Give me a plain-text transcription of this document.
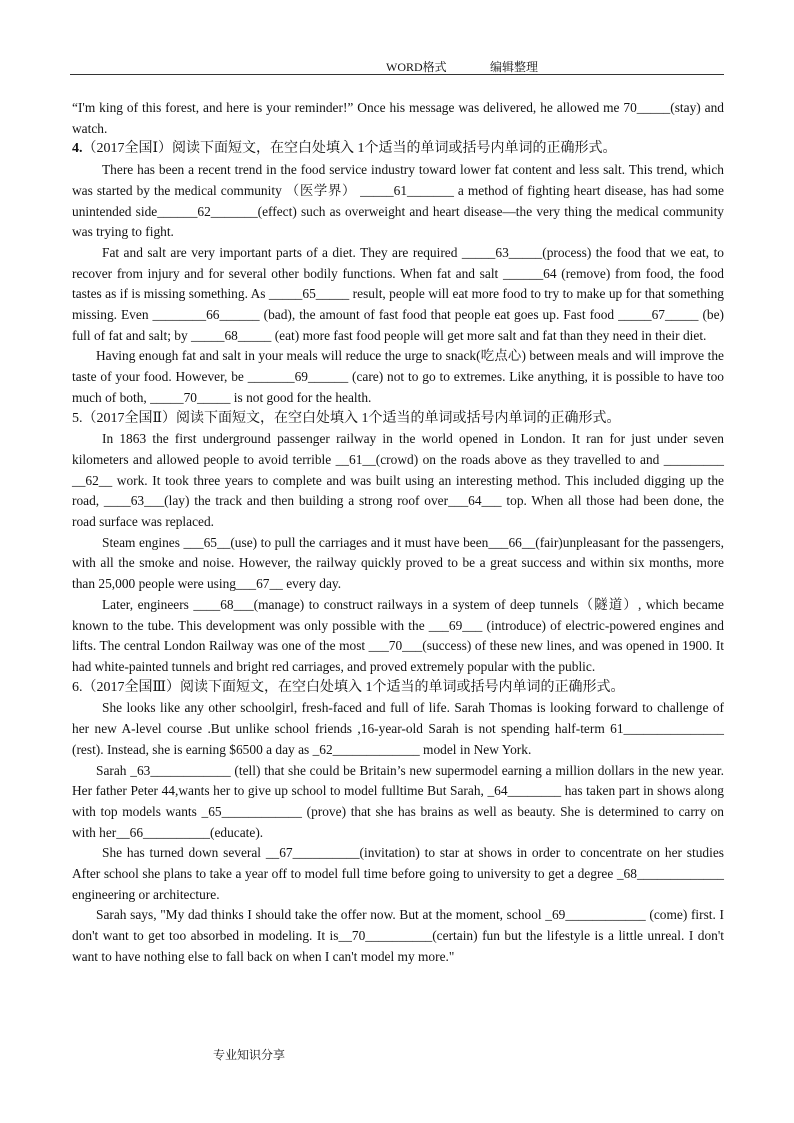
WORD格式	编辑整理

“I'm king of this forest, and here is your reminder!” Once his message was delivered, he allowed me 70_____(stay) and watch.

4.（2017全国Ⅰ）阅读下面短文，在空白处填入 1个适当的单词或括号内单词的正确形式。

There has been a recent trend in the food service industry toward lower fat content and less salt. This trend, which was started by the medical community （医学界） _____61_______ a method of fighting heart disease, has had some unintended side______62_______(effect) such as overweight and heart disease—the very thing the medical community was trying to fight.

Fat and salt are very important parts of a diet. They are required _____63_____(process) the food that we eat, to recover from injury and for several other bodily functions. When fat and salt ______64 (remove) from food, the food tastes as if is missing something. As _____65_____ result, people will eat more food to try to make up for that something missing. Even ________66______ (bad), the amount of fast food that people eat goes up. Fast food _____67_____ (be) full of fat and salt; by _____68_____ (eat) more fast food people will get more salt and fat than they need in their diet.

Having enough fat and salt in your meals will reduce the urge to snack(吃点心) between meals and will improve the taste of your food. However, be _______69______ (care) not to go to extremes. Like anything, it is possible to have too much of both, _____70_____ is not good for the health.

5.（2017全国Ⅱ）阅读下面短文，在空白处填入 1个适当的单词或括号内单词的正确形式。

In 1863 the first underground passenger railway in the world opened in London. It ran for just under seven kilometers and allowed people to avoid terrible __61__(crowd) on the roads above as they travelled to and _________ __62__ work. It took three years to complete and was built using an interesting method. This included digging up the road, ____63___(lay) the track and then building a strong roof over___64___ top. When all those had been done, the road surface was replaced.

Steam engines ___65__(use) to pull the carriages and it must have been___66__(fair)unpleasant for the passengers, with all the smoke and noise. However, the railway quickly proved to be a great success and within six months, more than 25,000 people were using___67__ every day.

Later, engineers ____68___(manage) to construct railways in a system of deep tunnels（隧道）, which became known to the tube. This development was only possible with the ___69___ (introduce) of electric-powered engines and lifts. The central London Railway was one of the most ___70___(success) of these new lines, and was opened in 1900. It had white-painted tunnels and bright red carriages, and proved extremely popular with the public.

6.（2017全国Ⅲ）阅读下面短文，在空白处填入 1个适当的单词或括号内单词的正确形式。

She looks like any other schoolgirl, fresh-faced and full of life. Sarah Thomas is looking forward to challenge of her new A-level course .But unlike school friends ,16-year-old Sarah is not spending half-term 61_______________ (rest). Instead, she is earning $6500 a day as _62_____________ model in New York.

Sarah _63____________ (tell) that she could be Britain’s new supermodel earning a million dollars in the new year. Her father Peter 44,wants her to give up school to model fulltime But Sarah, _64________ has taken part in shows along with top models wants _65____________ (prove) that she has brains as well as beauty. She is determined to carry on with her__66__________(educate).

She has turned down several __67__________(invitation) to star at shows in order to concentrate on her studies After school she plans to take a year off to model full time before going to university to get a degree _68_____________ engineering or architecture.

Sarah says, "My dad thinks I should take the offer now. But at the moment, school _69____________ (come) first. I don't want to get too absorbed in modeling. It is__70__________(certain) fun but the lifestyle is a little unreal. I don't want to have nothing else to fall back on when I can't model my more."

专业知识分享
